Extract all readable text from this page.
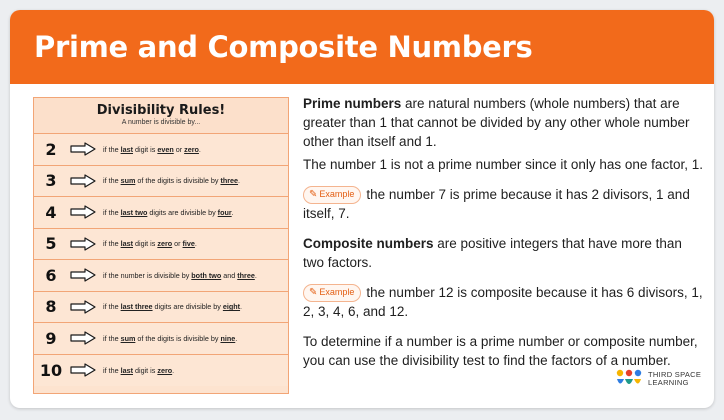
Prime and Composite Numbers
Divisibility Rules!
A number is divisible by...
2	if the last digit is even or zero.
3	if the sum of the digits is divisible by three.
4	if the last two digits are divisible by four.
5	if the last digit is zero or five.
6	if the number is divisible by both two and three.
8	if the last three digits are divisible by eight.
9	if the sum of the digits is divisible by nine.
10	if the last digit is zero.

Prime numbers are natural numbers (whole numbers) that are greater than 1 that cannot be divided by any other whole number other than itself and 1.

The number 1 is not a prime number since it only has one factor, 1.

✎ Example the number 7 is prime because it has 2 divisors, 1 and itself, 7.

Composite numbers are positive integers that have more than two factors.

✎ Example the number 12 is composite because it has 6 divisors, 1, 2, 3, 4, 6, and 12.

To determine if a number is a prime number or composite number, you can use the divisibility test to find the factors of a number.

THIRD SPACE
LEARNING
